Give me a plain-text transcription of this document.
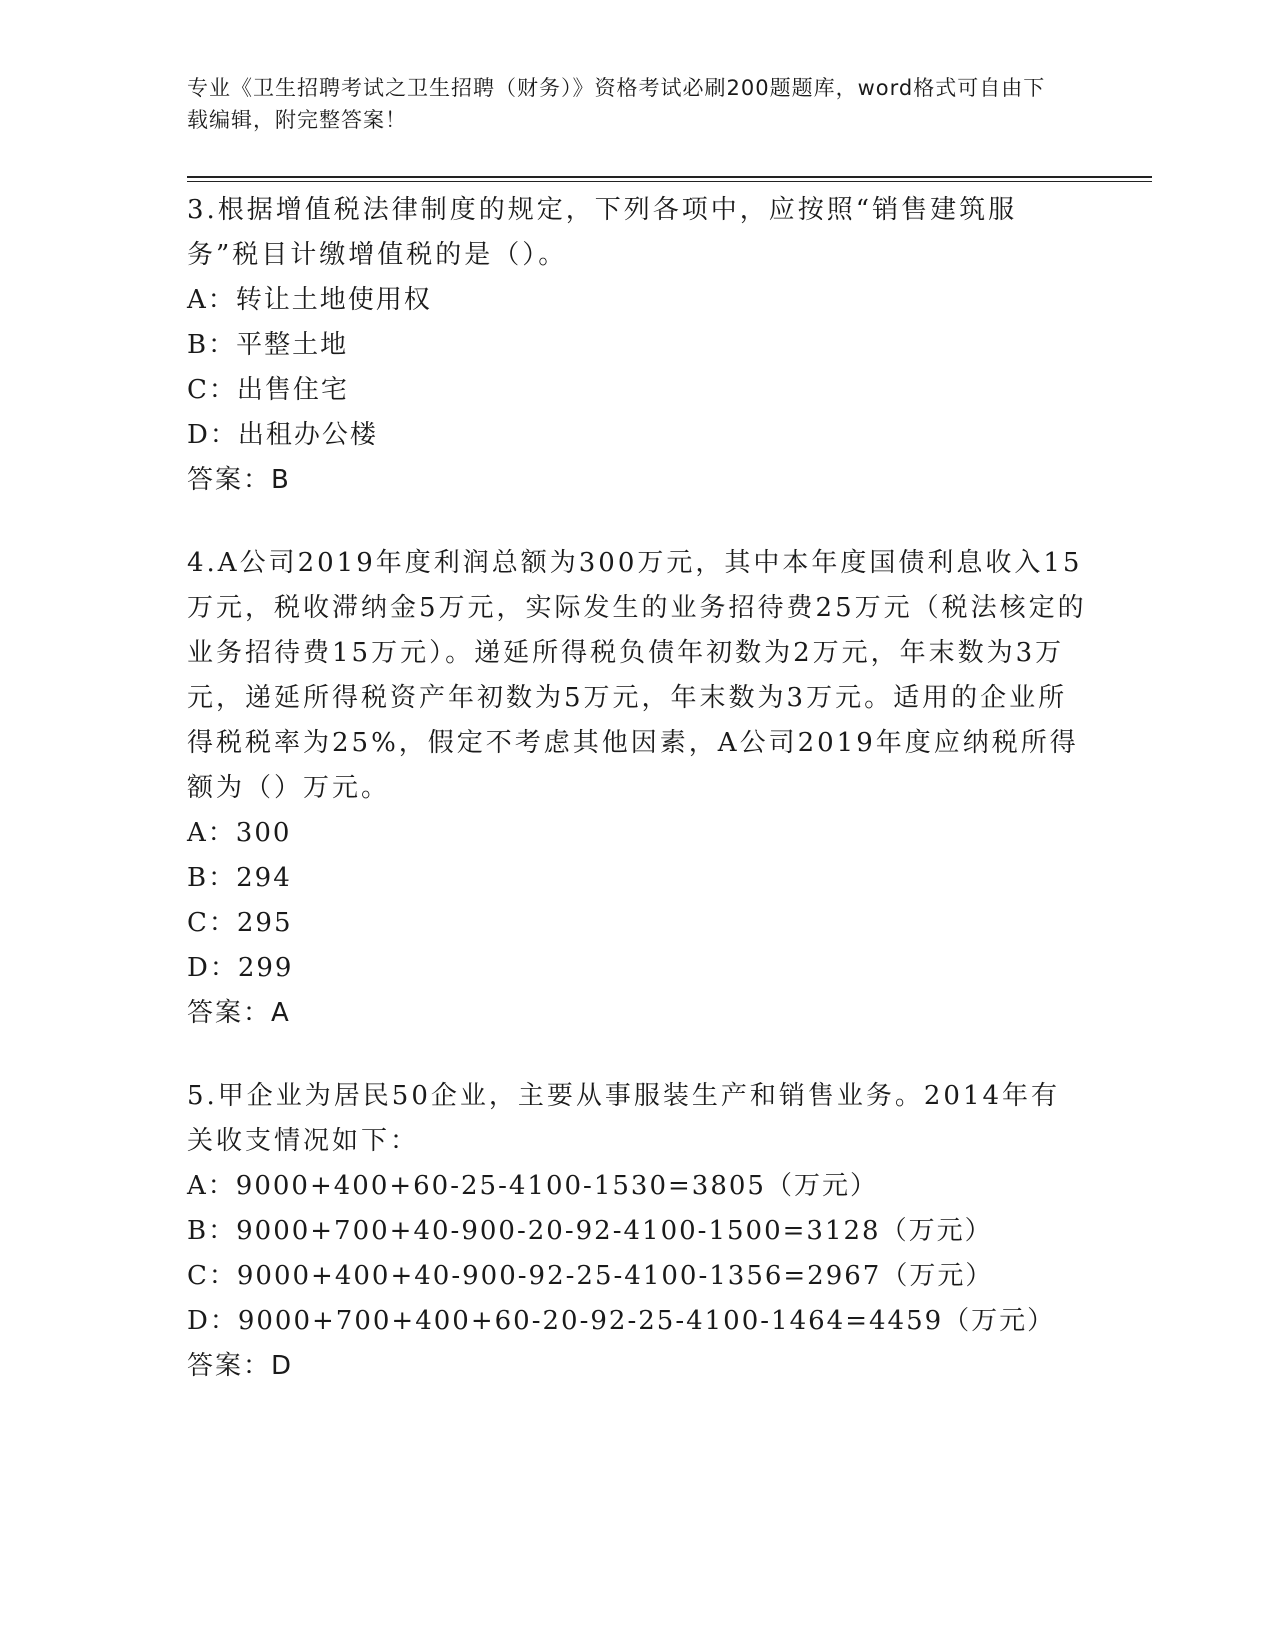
专业《卫生招聘考试之卫生招聘（财务）》资格考试必刷200题题库，word格式可自由下载编辑，附完整答案！

3.根据增值税法律制度的规定，下列各项中，应按照“销售建筑服务”税目计缴增值税的是（）。

A：转让土地使用权

B：平整土地

C：出售住宅

D：出租办公楼

答案：B

4.A公司2019年度利润总额为300万元，其中本年度国债利息收入15万元，税收滞纳金5万元，实际发生的业务招待费25万元（税法核定的业务招待费15万元）。递延所得税负债年初数为2万元，年末数为3万元，递延所得税资产年初数为5万元，年末数为3万元。适用的企业所得税税率为25%，假定不考虑其他因素，A公司2019年度应纳税所得额为（）万元。

A：300

B：294

C：295

D：299

答案：A

5.甲企业为居民50企业，主要从事服装生产和销售业务。2014年有关收支情况如下：

A：9000+400+60-25-4100-1530=3805（万元）

B：9000+700+40-900-20-92-4100-1500=3128（万元）

C：9000+400+40-900-92-25-4100-1356=2967（万元）

D：9000+700+400+60-20-92-25-4100-1464=4459（万元）

答案：D
